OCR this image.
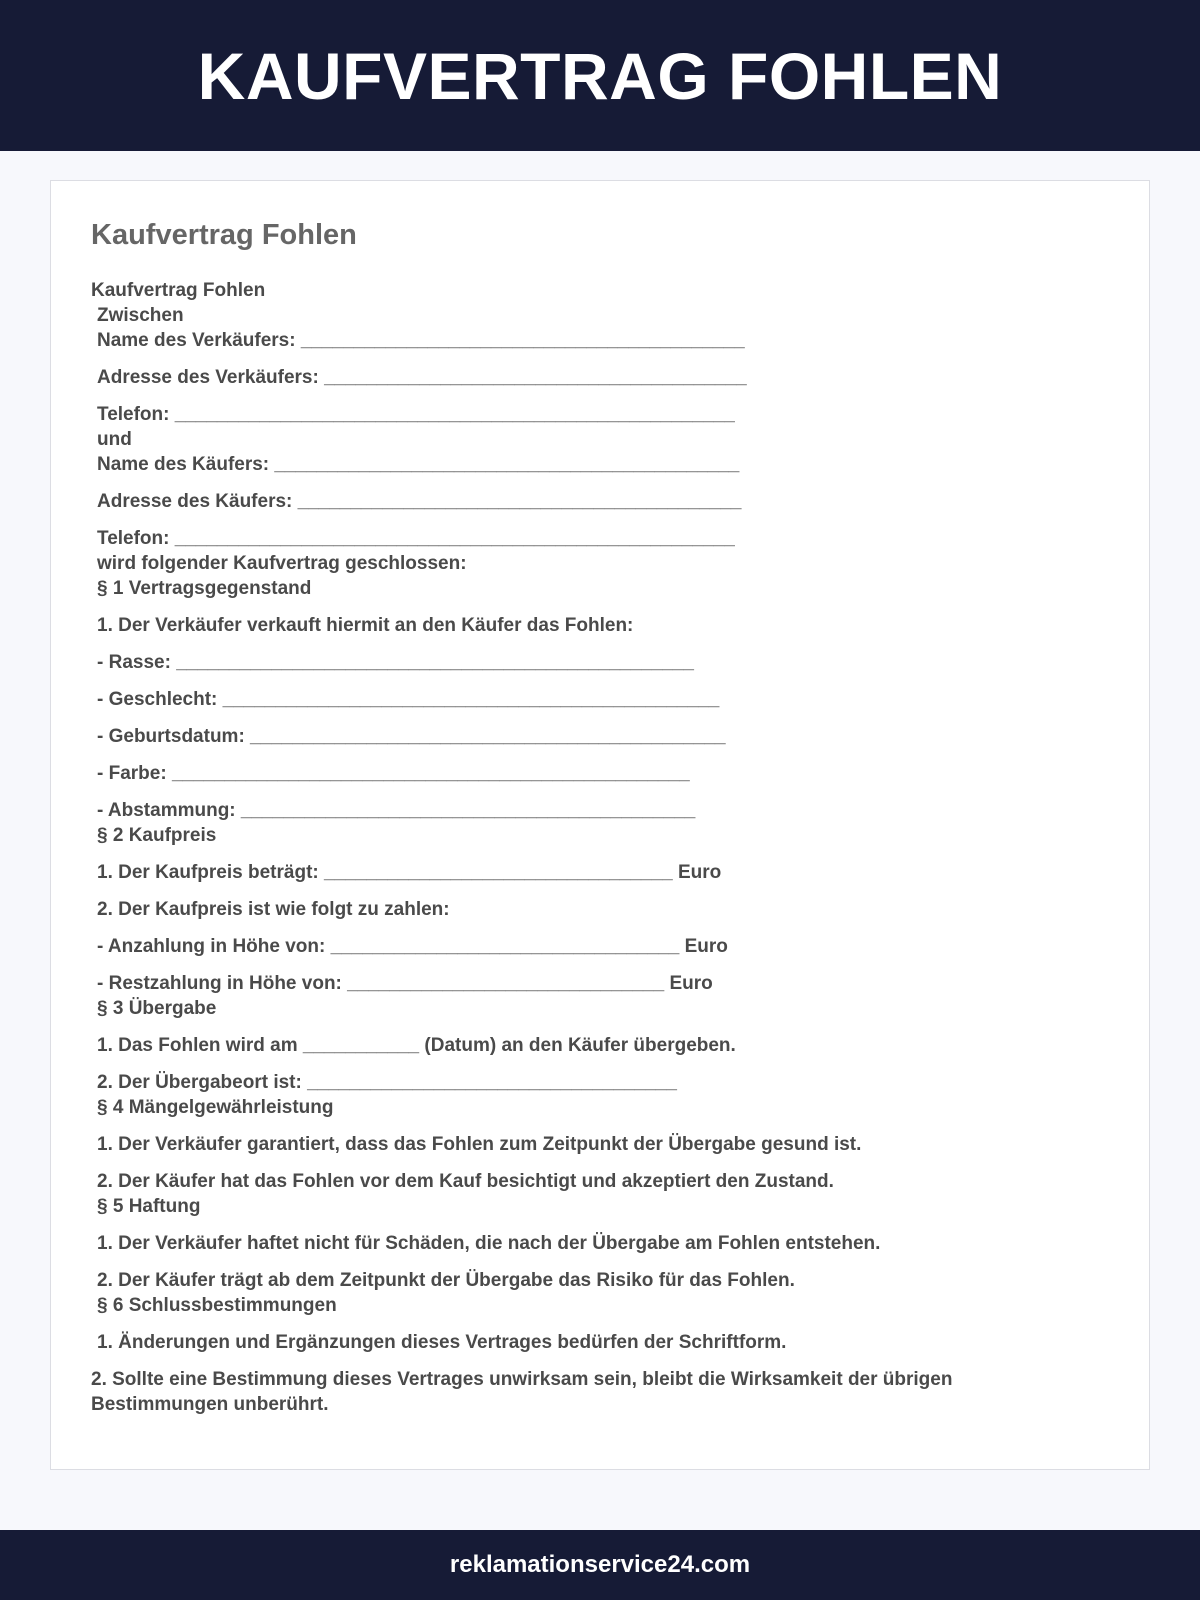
KAUFVERTRAG FOHLEN
Kaufvertrag Fohlen
Kaufvertrag Fohlen
Zwischen
Name des Verkäufers: __________________________________________
Adresse des Verkäufers: ________________________________________
Telefon: _____________________________________________________
und
Name des Käufers: ____________________________________________
Adresse des Käufers: __________________________________________
Telefon: _____________________________________________________
wird folgender Kaufvertrag geschlossen:
§ 1 Vertragsgegenstand
1. Der Verkäufer verkauft hiermit an den Käufer das Fohlen:
- Rasse: _________________________________________________
- Geschlecht: _______________________________________________
- Geburtsdatum: _____________________________________________
- Farbe: _________________________________________________
- Abstammung: ___________________________________________
§ 2 Kaufpreis
1. Der Kaufpreis beträgt: _________________________________ Euro
2. Der Kaufpreis ist wie folgt zu zahlen:
- Anzahlung in Höhe von: _________________________________ Euro
- Restzahlung in Höhe von: ______________________________ Euro
§ 3 Übergabe
1. Das Fohlen wird am ___________ (Datum) an den Käufer übergeben.
2. Der Übergabeort ist: ___________________________________
§ 4 Mängelgewährleistung
1. Der Verkäufer garantiert, dass das Fohlen zum Zeitpunkt der Übergabe gesund ist.
2. Der Käufer hat das Fohlen vor dem Kauf besichtigt und akzeptiert den Zustand.
§ 5 Haftung
1. Der Verkäufer haftet nicht für Schäden, die nach der Übergabe am Fohlen entstehen.
2. Der Käufer trägt ab dem Zeitpunkt der Übergabe das Risiko für das Fohlen.
§ 6 Schlussbestimmungen
1. Änderungen und Ergänzungen dieses Vertrages bedürfen der Schriftform.
2. Sollte eine Bestimmung dieses Vertrages unwirksam sein, bleibt die Wirksamkeit der übrigen
Bestimmungen unberührt.
reklamationservice24.com
